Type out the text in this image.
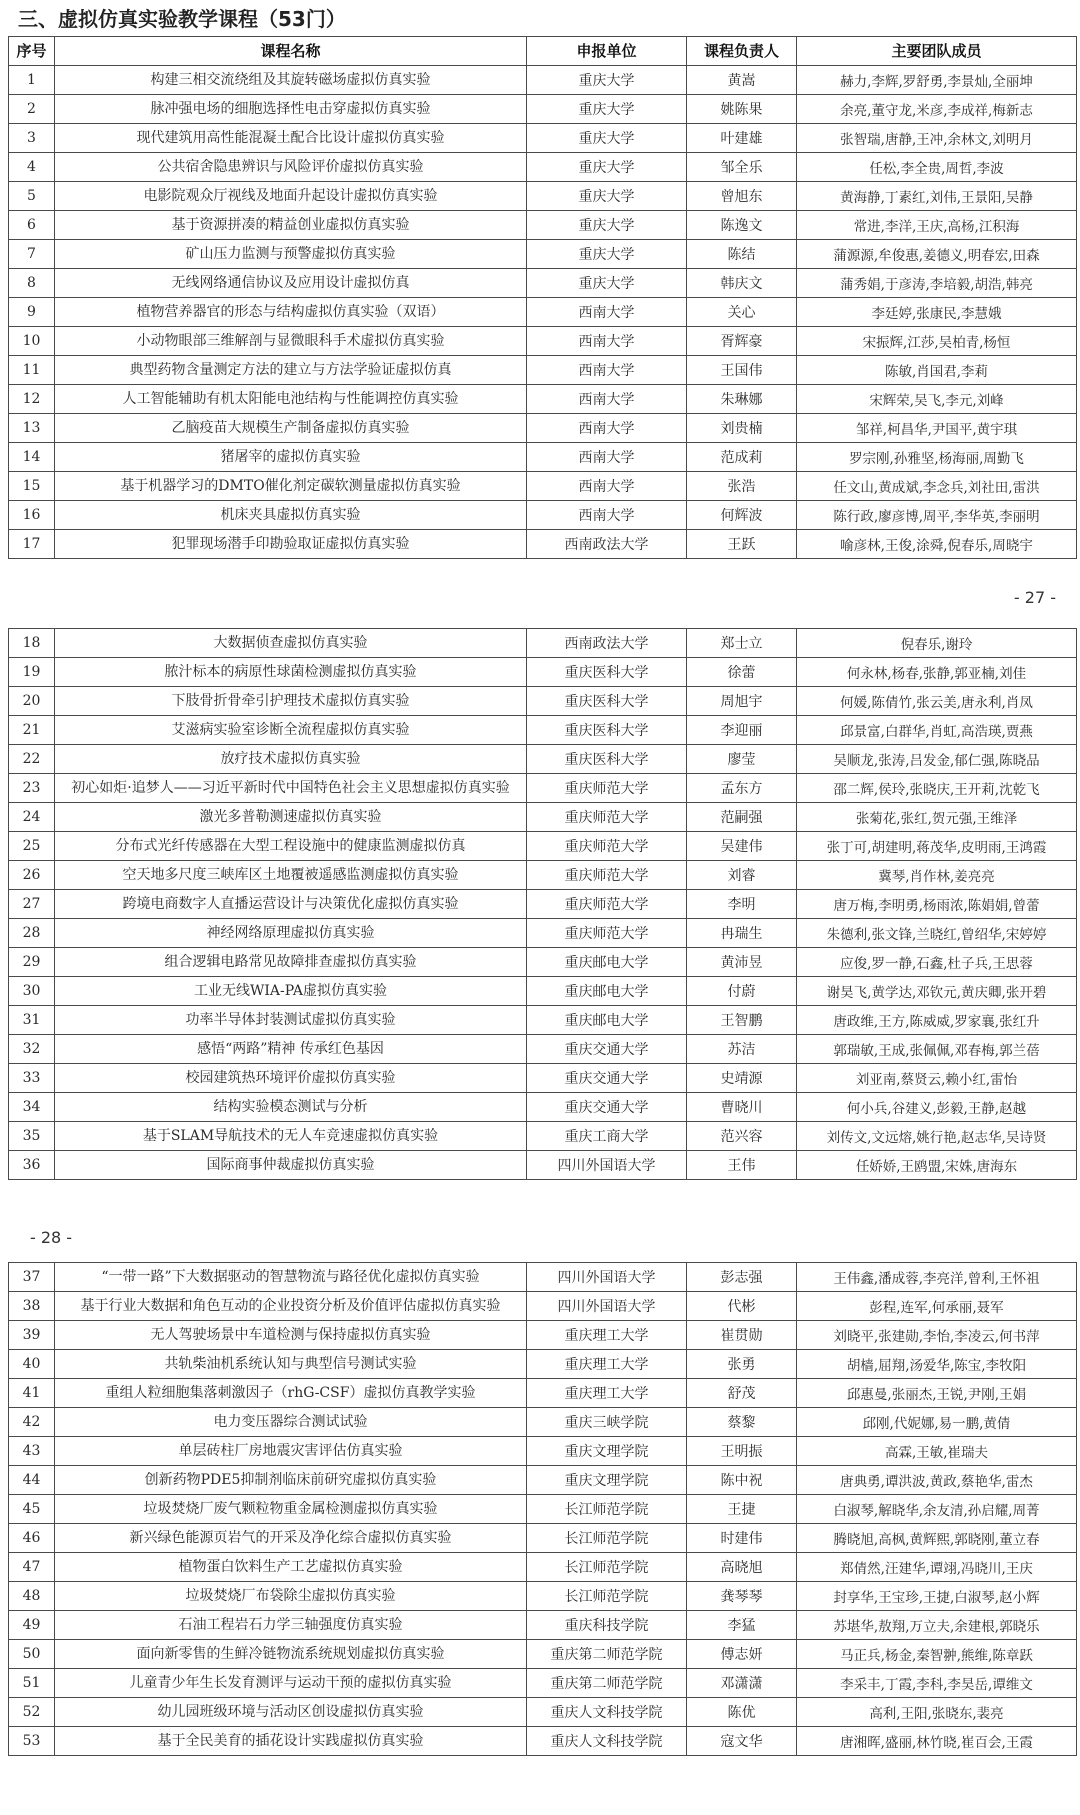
三、虚拟仿真实验教学课程（53门）
序号	课程名称	申报单位	课程负责人	主要团队成员
1	构建三相交流绕组及其旋转磁场虚拟仿真实验	重庆大学	黄嵩	赫力,李辉,罗舒勇,李景灿,全丽坤
2	脉冲强电场的细胞选择性电击穿虚拟仿真实验	重庆大学	姚陈果	余亮,董守龙,米彦,李成祥,梅新志
3	现代建筑用高性能混凝土配合比设计虚拟仿真实验	重庆大学	叶建雄	张智瑞,唐静,王冲,余林文,刘明月
4	公共宿舍隐患辨识与风险评价虚拟仿真实验	重庆大学	邹全乐	任松,李全贵,周哲,李波
5	电影院观众厅视线及地面升起设计虚拟仿真实验	重庆大学	曾旭东	黄海静,丁素红,刘伟,王景阳,吴静
6	基于资源拼凑的精益创业虚拟仿真实验	重庆大学	陈逸文	常进,李洋,王庆,高杨,江积海
7	矿山压力监测与预警虚拟仿真实验	重庆大学	陈结	蒲源源,牟俊惠,姜德义,明春宏,田森
8	无线网络通信协议及应用设计虚拟仿真	重庆大学	韩庆文	蒲秀娟,于彦涛,李培毅,胡浩,韩亮
9	植物营养器官的形态与结构虚拟仿真实验（双语）	西南大学	关心	李廷婷,张康民,李慧娥
10	小动物眼部三维解剖与显微眼科手术虚拟仿真实验	西南大学	胥辉豪	宋振辉,江莎,吴柏青,杨恒
11	典型药物含量测定方法的建立与方法学验证虚拟仿真	西南大学	王国伟	陈敏,肖国君,李莉
12	人工智能辅助有机太阳能电池结构与性能调控仿真实验	西南大学	朱琳娜	宋辉荣,吴飞,李元,刘峰
13	乙脑疫苗大规模生产制备虚拟仿真实验	西南大学	刘贵楠	邹祥,柯昌华,尹国平,黄宇琪
14	猪屠宰的虚拟仿真实验	西南大学	范成莉	罗宗刚,孙雅坚,杨海丽,周勤飞
15	基于机器学习的DMTO催化剂定碳软测量虚拟仿真实验	西南大学	张浩	任文山,黄成斌,李念兵,刘社田,雷洪
16	机床夹具虚拟仿真实验	西南大学	何辉波	陈行政,廖彦博,周平,李华英,李丽明
17	犯罪现场潜手印勘验取证虚拟仿真实验	西南政法大学	王跃	喻彦林,王俊,涂舜,倪春乐,周晓宇
- 27 -
18	大数据侦查虚拟仿真实验	西南政法大学	郑士立	倪春乐,谢玲
19	脓汁标本的病原性球菌检测虚拟仿真实验	重庆医科大学	徐蕾	何永林,杨春,张静,郭亚楠,刘佳
20	下肢骨折骨牵引护理技术虚拟仿真实验	重庆医科大学	周旭宇	何媛,陈倩竹,张云美,唐永利,肖凤
21	艾滋病实验室诊断全流程虚拟仿真实验	重庆医科大学	李迎丽	邱景富,白群华,肖虹,高浩瑛,贾燕
22	放疗技术虚拟仿真实验	重庆医科大学	廖莹	吴顺龙,张涛,吕发金,郁仁强,陈晓品
23	初心如炬·追梦人——习近平新时代中国特色社会主义思想虚拟仿真实验	重庆师范大学	孟东方	邵二辉,侯玲,张晓庆,王开莉,沈乾飞
24	激光多普勒测速虚拟仿真实验	重庆师范大学	范嗣强	张菊花,张红,贺元强,王维泽
25	分布式光纤传感器在大型工程设施中的健康监测虚拟仿真	重庆师范大学	吴建伟	张丁可,胡建明,蒋茂华,皮明雨,王鸿霞
26	空天地多尺度三峡库区土地覆被遥感监测虚拟仿真实验	重庆师范大学	刘睿	冀琴,肖作林,姜亮亮
27	跨境电商数字人直播运营设计与决策优化虚拟仿真实验	重庆师范大学	李明	唐万梅,李明勇,杨雨浓,陈娟娟,曾蕾
28	神经网络原理虚拟仿真实验	重庆师范大学	冉瑞生	朱德利,张文锋,兰晓红,曾绍华,宋婷婷
29	组合逻辑电路常见故障排查虚拟仿真实验	重庆邮电大学	黄沛昱	应俊,罗一静,石鑫,杜子兵,王思蓉
30	工业无线WIA-PA虚拟仿真实验	重庆邮电大学	付蔚	谢昊飞,黄学达,邓钦元,黄庆卿,张开碧
31	功率半导体封装测试虚拟仿真实验	重庆邮电大学	王智鹏	唐政维,王方,陈威威,罗家襄,张红升
32	感悟“两路”精神 传承红色基因	重庆交通大学	苏洁	郭瑞敏,王成,张佩佩,邓春梅,郭兰蓓
33	校园建筑热环境评价虚拟仿真实验	重庆交通大学	史靖源	刘亚南,蔡贤云,赖小红,雷怡
34	结构实验模态测试与分析	重庆交通大学	曹晓川	何小兵,谷建义,彭毅,王静,赵越
35	基于SLAM导航技术的无人车竞速虚拟仿真实验	重庆工商大学	范兴容	刘传文,文远熔,姚行艳,赵志华,吴诗贤
36	国际商事仲裁虚拟仿真实验	四川外国语大学	王伟	任娇娇,王鸥盟,宋姝,唐海东
- 28 -
37	“一带一路”下大数据驱动的智慧物流与路径优化虚拟仿真实验	四川外国语大学	彭志强	王伟鑫,潘成蓉,李亮洋,曾利,王怀祖
38	基于行业大数据和角色互动的企业投资分析及价值评估虚拟仿真实验	四川外国语大学	代彬	彭程,连军,何承丽,聂军
39	无人驾驶场景中车道检测与保持虚拟仿真实验	重庆理工大学	崔贯勋	刘晓平,张建勋,李怡,李凌云,何书萍
40	共轨柴油机系统认知与典型信号测试实验	重庆理工大学	张勇	胡樯,屈翔,汤爱华,陈宝,李牧阳
41	重组人粒细胞集落刺激因子（rhG-CSF）虚拟仿真教学实验	重庆理工大学	舒茂	邱惠曼,张丽杰,王锐,尹刚,王娟
42	电力变压器综合测试试验	重庆三峡学院	蔡黎	邱刚,代妮娜,易一鹏,黄倩
43	单层砖柱厂房地震灾害评估仿真实验	重庆文理学院	王明振	高霖,王敏,崔瑞夫
44	创新药物PDE5抑制剂临床前研究虚拟仿真实验	重庆文理学院	陈中祝	唐典勇,谭洪波,黄政,蔡艳华,雷杰
45	垃圾焚烧厂废气颗粒物重金属检测虚拟仿真实验	长江师范学院	王捷	白淑琴,解晓华,余友清,孙启耀,周菁
46	新兴绿色能源页岩气的开采及净化综合虚拟仿真实验	长江师范学院	时建伟	腾晓旭,高枫,黄辉熙,郭晓刚,董立春
47	植物蛋白饮料生产工艺虚拟仿真实验	长江师范学院	高晓旭	郑倩然,汪建华,谭翊,冯晓川,王庆
48	垃圾焚烧厂布袋除尘虚拟仿真实验	长江师范学院	龚琴琴	封享华,王宝珍,王捷,白淑琴,赵小辉
49	石油工程岩石力学三轴强度仿真实验	重庆科技学院	李猛	苏堪华,敖翔,万立夫,余建根,郭晓乐
50	面向新零售的生鲜冷链物流系统规划虚拟仿真实验	重庆第二师范学院	傅志妍	马正兵,杨金,秦智翀,熊维,陈章跃
51	儿童青少年生长发育测评与运动干预的虚拟仿真实验	重庆第二师范学院	邓潇潇	李采丰,丁霞,李科,李昊岳,谭维文
52	幼儿园班级环境与活动区创设虚拟仿真实验	重庆人文科技学院	陈优	高利,王阳,张晓东,裴亮
53	基于全民美育的插花设计实践虚拟仿真实验	重庆人文科技学院	寇文华	唐湘晖,盛丽,林竹晓,崔百会,王霞
